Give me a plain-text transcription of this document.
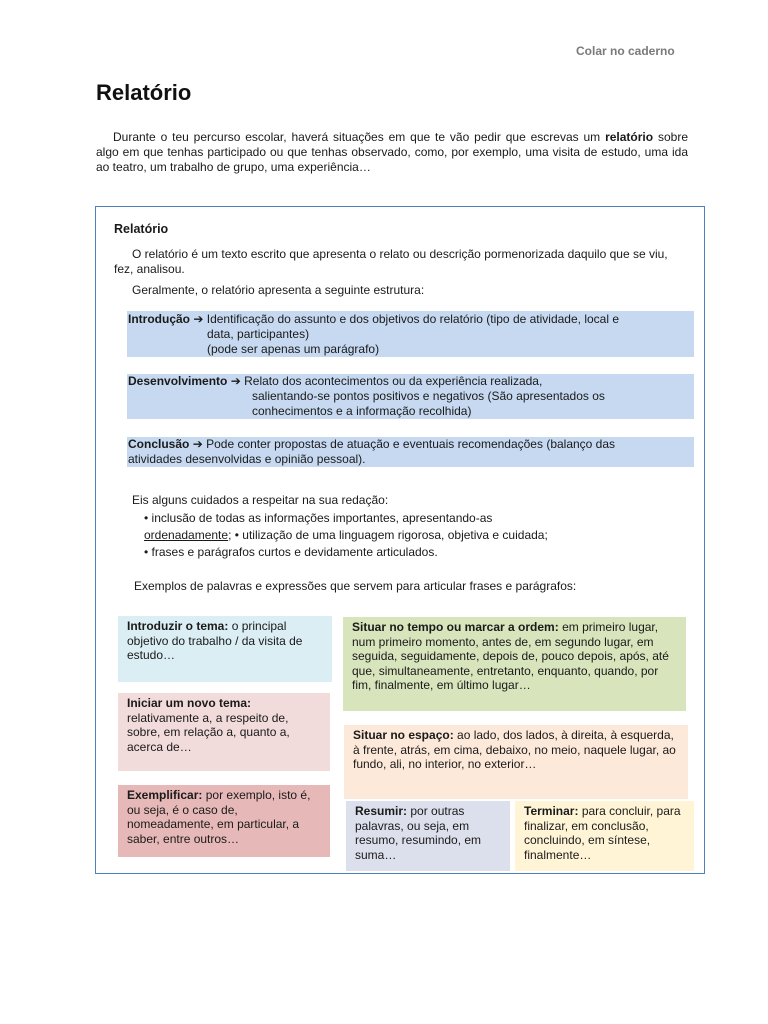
Colar no caderno
Relatório

Durante o teu percurso escolar, haverá situações em que te vão pedir que escrevas um relatório sobre algo em que tenhas participado ou que tenhas observado, como, por exemplo, uma visita de estudo, uma ida ao teatro, um trabalho de grupo, uma experiência…

Relatório
O relatório é um texto escrito que apresenta o relato ou descrição pormenorizada daquilo que se viu, fez, analisou.
Geralmente, o relatório apresenta a seguinte estrutura:
Introdução ➔ Identificação do assunto e dos objetivos do relatório (tipo de atividade, local e
data, participantes)
(pode ser apenas um parágrafo)
Desenvolvimento ➔ Relato dos acontecimentos ou da experiência realizada,
salientando-se pontos positivos e negativos (São apresentados os
conhecimentos e a informação recolhida)
Conclusão ➔ Pode conter propostas de atuação e eventuais recomendações (balanço das
atividades desenvolvidas e opinião pessoal).
Eis alguns cuidados a respeitar na sua redação:
• inclusão de todas as informações importantes, apresentando-as
ordenadamente; • utilização de uma linguagem rigorosa, objetiva e cuidada;
• frases e parágrafos curtos e devidamente articulados.
Exemplos de palavras e expressões que servem para articular frases e parágrafos:
Introduzir o tema: o principal objetivo do trabalho / da visita de estudo…
Iniciar um novo tema:
relativamente a, a respeito de, sobre, em relação a, quanto a, acerca de…
Exemplificar: por exemplo, isto é, ou seja, é o caso de, nomeadamente, em particular, a saber, entre outros…
Situar no tempo ou marcar a ordem: em primeiro lugar, num primeiro momento, antes de, em segundo lugar, em seguida, seguidamente, depois de, pouco depois, após, até que, simultaneamente, entretanto, enquanto, quando, por fim, finalmente, em último lugar…
Situar no espaço: ao lado, dos lados, à direita, à esquerda, à frente, atrás, em cima, debaixo, no meio, naquele lugar, ao fundo, ali, no interior, no exterior…
Resumir: por outras palavras, ou seja, em resumo, resumindo, em suma…
Terminar: para concluir, para finalizar, em conclusão, concluindo, em síntese, finalmente…
